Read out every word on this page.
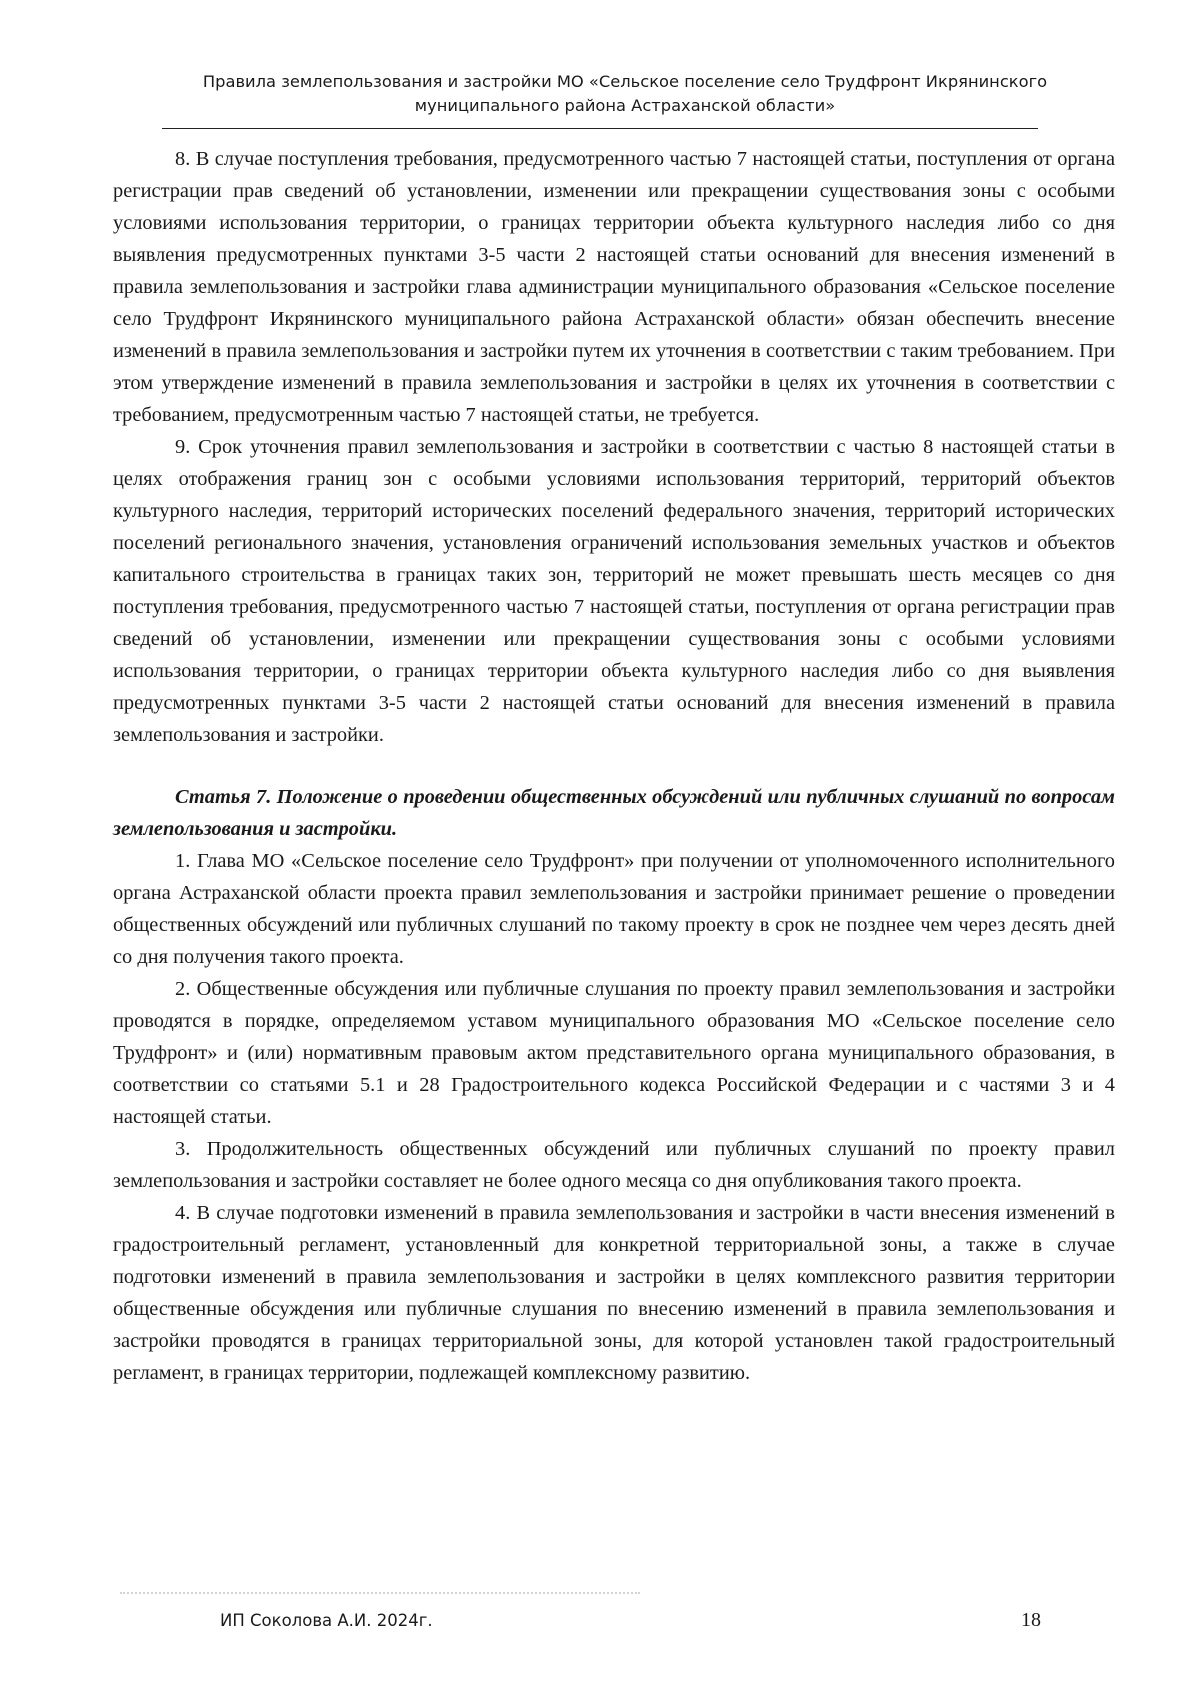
Правила землепользования и застройки МО «Сельское поселение село Трудфронт Икрянинского
муниципального района Астраханской области»

8. В случае поступления требования, предусмотренного частью 7 настоящей статьи, поступления от органа регистрации прав сведений об установлении, изменении или прекращении существования зоны с особыми условиями использования территории, о границах территории объекта культурного наследия либо со дня выявления предусмотренных пунктами 3-5 части 2 настоящей статьи оснований для внесения изменений в правила землепользования и застройки глава администрации муниципального образования «Сельское поселение село Трудфронт Икрянинского муниципального района Астраханской области» обязан обеспечить внесение изменений в правила землепользования и застройки путем их уточнения в соответствии с таким требованием. При этом утверждение изменений в правила землепользования и застройки в целях их уточнения в соответствии с требованием, предусмотренным частью 7 настоящей статьи, не требуется.

9. Срок уточнения правил землепользования и застройки в соответствии с частью 8 настоящей статьи в целях отображения границ зон с особыми условиями использования территорий, территорий объектов культурного наследия, территорий исторических поселений федерального значения, территорий исторических поселений регионального значения, установления ограничений использования земельных участков и объектов капитального строительства в границах таких зон, территорий не может превышать шесть месяцев со дня поступления требования, предусмотренного частью 7 настоящей статьи, поступления от органа регистрации прав сведений об установлении, изменении или прекращении существования зоны с особыми условиями использования территории, о границах территории объекта культурного наследия либо со дня выявления предусмотренных пунктами 3-5 части 2 настоящей статьи оснований для внесения изменений в правила землепользования и застройки.

Статья 7. Положение о проведении общественных обсуждений или публичных слушаний по вопросам землепользования и застройки.

1. Глава МО «Сельское поселение село Трудфронт» при получении от уполномоченного исполнительного органа Астраханской области проекта правил землепользования и застройки принимает решение о проведении общественных обсуждений или публичных слушаний по такому проекту в срок не позднее чем через десять дней со дня получения такого проекта.

2. Общественные обсуждения или публичные слушания по проекту правил землепользования и застройки проводятся в порядке, определяемом уставом муниципального образования МО «Сельское поселение село Трудфронт» и (или) нормативным правовым актом представительного органа муниципального образования, в соответствии со статьями 5.1 и 28 Градостроительного кодекса Российской Федерации и с частями 3 и 4 настоящей статьи.

3. Продолжительность общественных обсуждений или публичных слушаний по проекту правил землепользования и застройки составляет не более одного месяца со дня опубликования такого проекта.

4. В случае подготовки изменений в правила землепользования и застройки в части внесения изменений в градостроительный регламент, установленный для конкретной территориальной зоны, а также в случае подготовки изменений в правила землепользования и застройки в целях комплексного развития территории общественные обсуждения или публичные слушания по внесению изменений в правила землепользования и застройки проводятся в границах территориальной зоны, для которой установлен такой градостроительный регламент, в границах территории, подлежащей комплексному развитию.

ИП Соколова А.И. 2024г.	18
